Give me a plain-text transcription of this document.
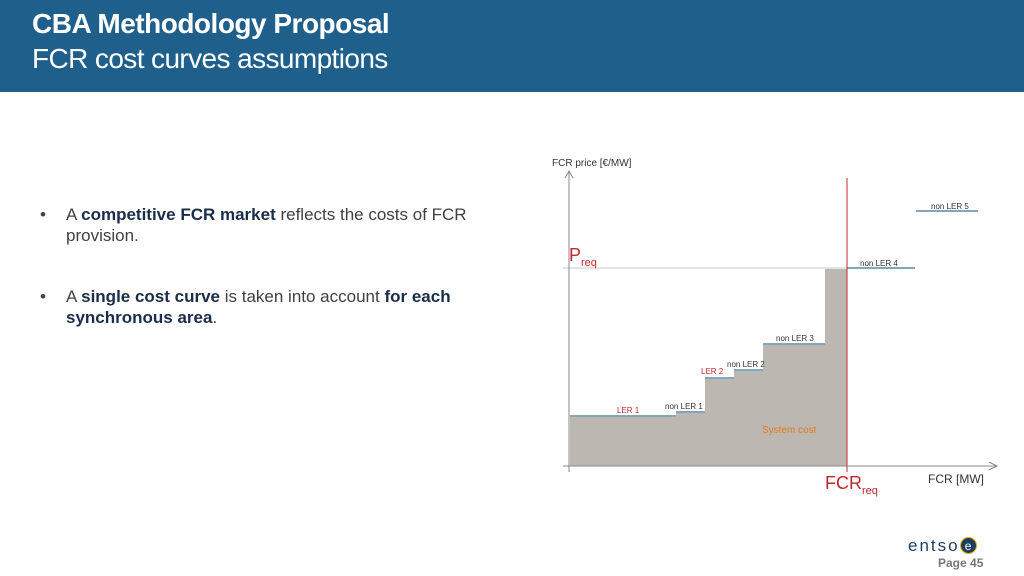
CBA Methodology Proposal
FCR cost curves assumptions
• A competitive FCR market reflects the costs of FCR provision.
• A single cost curve is taken into account for each synchronous area.
FCR price [€/MW]
FCR [MW]
$P_{req}$
$FCR_{req}$
System cost
LER 1	non LER 1
LER 2
non LER 2
non LER 3
non LER 4
non LER 5
entso e
Page 45
